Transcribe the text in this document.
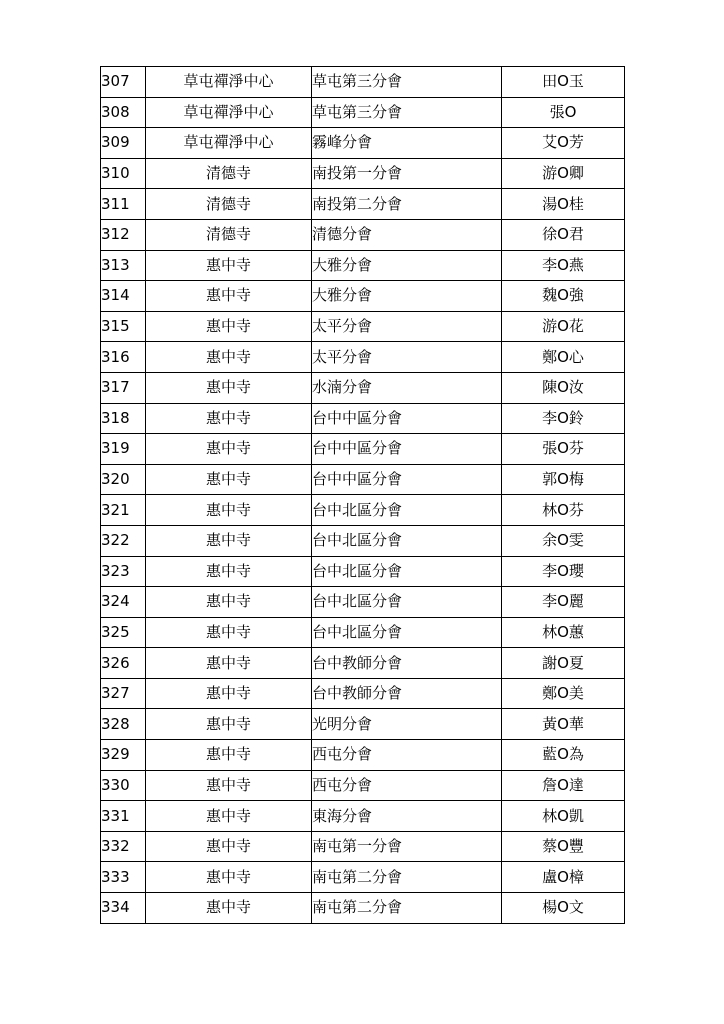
307	草屯禪淨中心	草屯第三分會	田O玉
308	草屯禪淨中心	草屯第三分會	張O
309	草屯禪淨中心	霧峰分會	艾O芳
310	清德寺	南投第一分會	游O卿
311	清德寺	南投第二分會	湯O桂
312	清德寺	清德分會	徐O君
313	惠中寺	大雅分會	李O燕
314	惠中寺	大雅分會	魏O強
315	惠中寺	太平分會	游O花
316	惠中寺	太平分會	鄭O心
317	惠中寺	水湳分會	陳O汝
318	惠中寺	台中中區分會	李O鈴
319	惠中寺	台中中區分會	張O芬
320	惠中寺	台中中區分會	郭O梅
321	惠中寺	台中北區分會	林O芬
322	惠中寺	台中北區分會	余O雯
323	惠中寺	台中北區分會	李O瓔
324	惠中寺	台中北區分會	李O麗
325	惠中寺	台中北區分會	林O蕙
326	惠中寺	台中教師分會	謝O夏
327	惠中寺	台中教師分會	鄭O美
328	惠中寺	光明分會	黃O華
329	惠中寺	西屯分會	藍O為
330	惠中寺	西屯分會	詹O達
331	惠中寺	東海分會	林O凱
332	惠中寺	南屯第一分會	蔡O豐
333	惠中寺	南屯第二分會	盧O樟
334	惠中寺	南屯第二分會	楊O文
